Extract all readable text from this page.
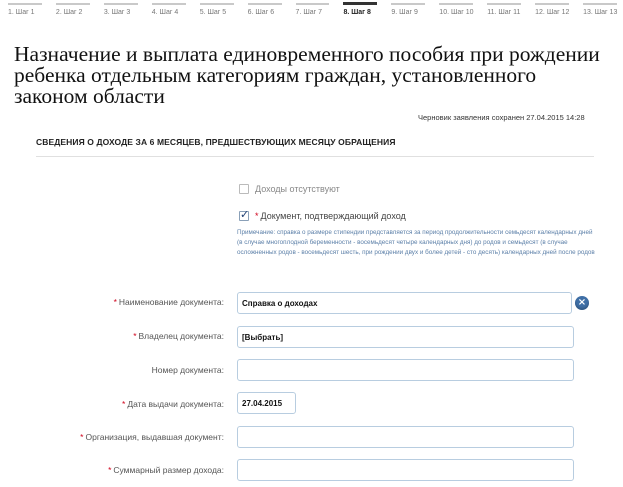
1. Шаг 1	2. Шаг 2	3. Шаг 3	4. Шаг 4	5. Шаг 5	6. Шаг 6	7. Шаг 7	8. Шаг 8	9. Шаг 9	10. Шаг 10	11. Шаг 11	12. Шаг 12	13. Шаг 13
Назначение и выплата единовременного пособия при рождении ребенка отдельным категориям граждан, установленного законом области
Черновик заявления сохранен 27.04.2015 14:28
СВЕДЕНИЯ О ДОХОДЕ ЗА 6 МЕСЯЦЕВ, ПРЕДШЕСТВУЮЩИХ МЕСЯЦУ ОБРАЩЕНИЯ
Доходы отсутствуют
✓
* Документ, подтверждающий доход
Примечание: справка о размере стипендии представляется за период продолжительности семьдесят календарных дней (в случае многоплодной беременности - восемьдесят четыре календарных дня) до родов и семьдесят (в случае осложненных родов - восемьдесят шесть, при рождении двух и более детей - сто десять) календарных дней после родов
* Наименование документа:	Справка о доходах	×
* Владелец документа:	[Выбрать]
Номер документа:
* Дата выдачи документа:	27.04.2015
* Организация, выдавшая документ:
* Суммарный размер дохода:
